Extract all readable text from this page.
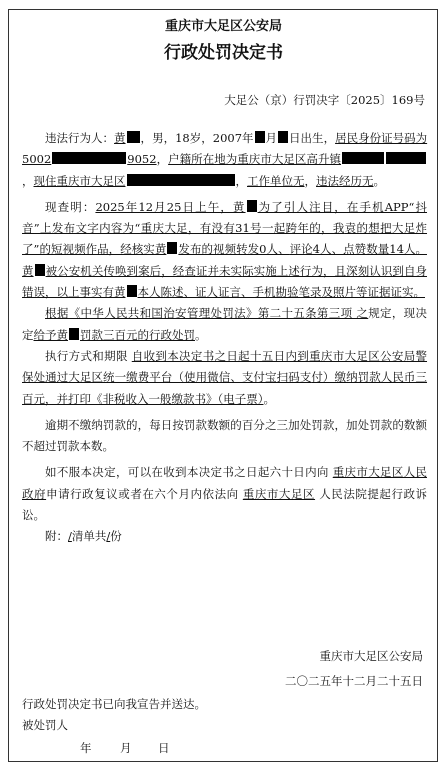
重庆市大足区公安局
行政处罚决定书
大足公（京）行罚决字〔2025〕169号

违法行为人：黄 ，男，18岁，2007年 月 日出生，居民身份证号码为5002	9052，户籍所在地为重庆市大足区高升镇，现住重庆市大足区	，工作单位无，违法经历无。

现查明：2025年12月25日上午，黄 为了引人注目，在手机APP“抖音”上发布文字内容为“重庆大足，有没有31号一起跨年的，我袁的想把大足炸了”的短视频作品，经核实黄 发布的视频转发0人、评论4人、点赞数量14人。黄 被公安机关传唤到案后，经查证并未实际实施上述行为，且深刻认识到自身错误，以上事实有黄 本人陈述、证人证言、手机勘验笔录及照片等证据证实。

根据《中华人民共和国治安管理处罚法》第二十五条第三项 之规定，现决定给予黄 罚款三百元的行政处罚。

执行方式和期限 自收到本决定书之日起十五日内到重庆市大足区公安局警保处通过大足区统一缴费平台（使用微信、支付宝扫码支付）缴纳罚款人民币三百元，并打印《非税收入一般缴款书》（电子票）。

逾期不缴纳罚款的，每日按罚款数额的百分之三加处罚款，加处罚款的数额不超过罚款本数。

如不服本决定，可以在收到本决定书之日起六十日内向 重庆市大足区人民政府申请行政复议或者在六个月内依法向 重庆市大足区 人民法院提起行政诉讼。

附：/清单共/份

重庆市大足区公安局
二〇二五年十二月二十五日
行政处罚决定书已向我宣告并送达。
被处罚人
年 月 日
